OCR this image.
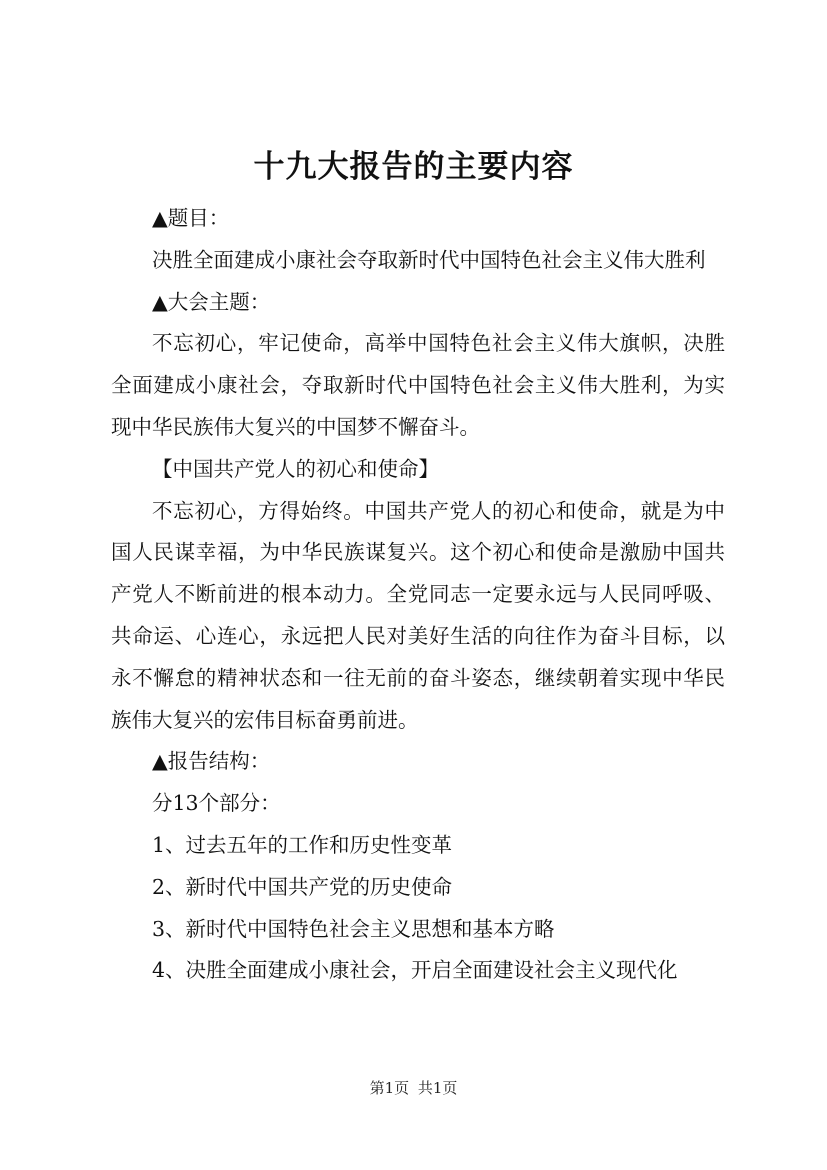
十九大报告的主要内容

▲题目：

决胜全面建成小康社会夺取新时代中国特色社会主义伟大胜利

▲大会主题：

不忘初心，牢记使命，高举中国特色社会主义伟大旗帜，决胜全面建成小康社会，夺取新时代中国特色社会主义伟大胜利，为实现中华民族伟大复兴的中国梦不懈奋斗。

【中国共产党人的初心和使命】

不忘初心，方得始终。中国共产党人的初心和使命，就是为中国人民谋幸福，为中华民族谋复兴。这个初心和使命是激励中国共产党人不断前进的根本动力。全党同志一定要永远与人民同呼吸、共命运、心连心，永远把人民对美好生活的向往作为奋斗目标，以永不懈怠的精神状态和一往无前的奋斗姿态，继续朝着实现中华民族伟大复兴的宏伟目标奋勇前进。

▲报告结构：

分13个部分：

1、过去五年的工作和历史性变革

2、新时代中国共产党的历史使命

3、新时代中国特色社会主义思想和基本方略

4、决胜全面建成小康社会，开启全面建设社会主义现代化

第1页 共1页
